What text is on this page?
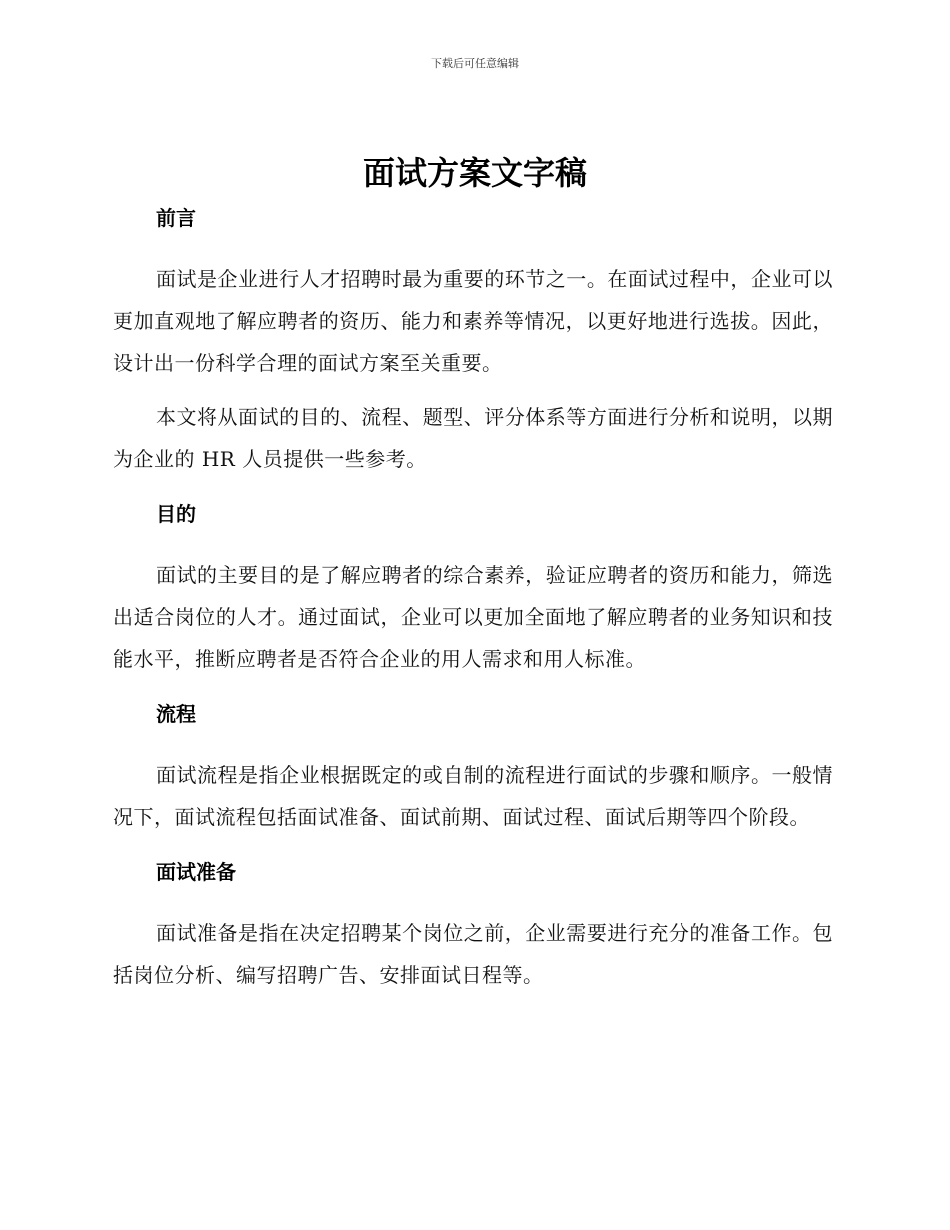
下载后可任意编辑
面试方案文字稿
前言

面试是企业进行人才招聘时最为重要的环节之一。在面试过程中，企业可以更加直观地了解应聘者的资历、能力和素养等情况，以更好地进行选拔。因此，设计出一份科学合理的面试方案至关重要。

本文将从面试的目的、流程、题型、评分体系等方面进行分析和说明，以期为企业的 HR 人员提供一些参考。

目的

面试的主要目的是了解应聘者的综合素养，验证应聘者的资历和能力，筛选出适合岗位的人才。通过面试，企业可以更加全面地了解应聘者的业务知识和技能水平，推断应聘者是否符合企业的用人需求和用人标准。

流程

面试流程是指企业根据既定的或自制的流程进行面试的步骤和顺序。一般情况下，面试流程包括面试准备、面试前期、面试过程、面试后期等四个阶段。

面试准备

面试准备是指在决定招聘某个岗位之前，企业需要进行充分的准备工作。包括岗位分析、编写招聘广告、安排面试日程等。
